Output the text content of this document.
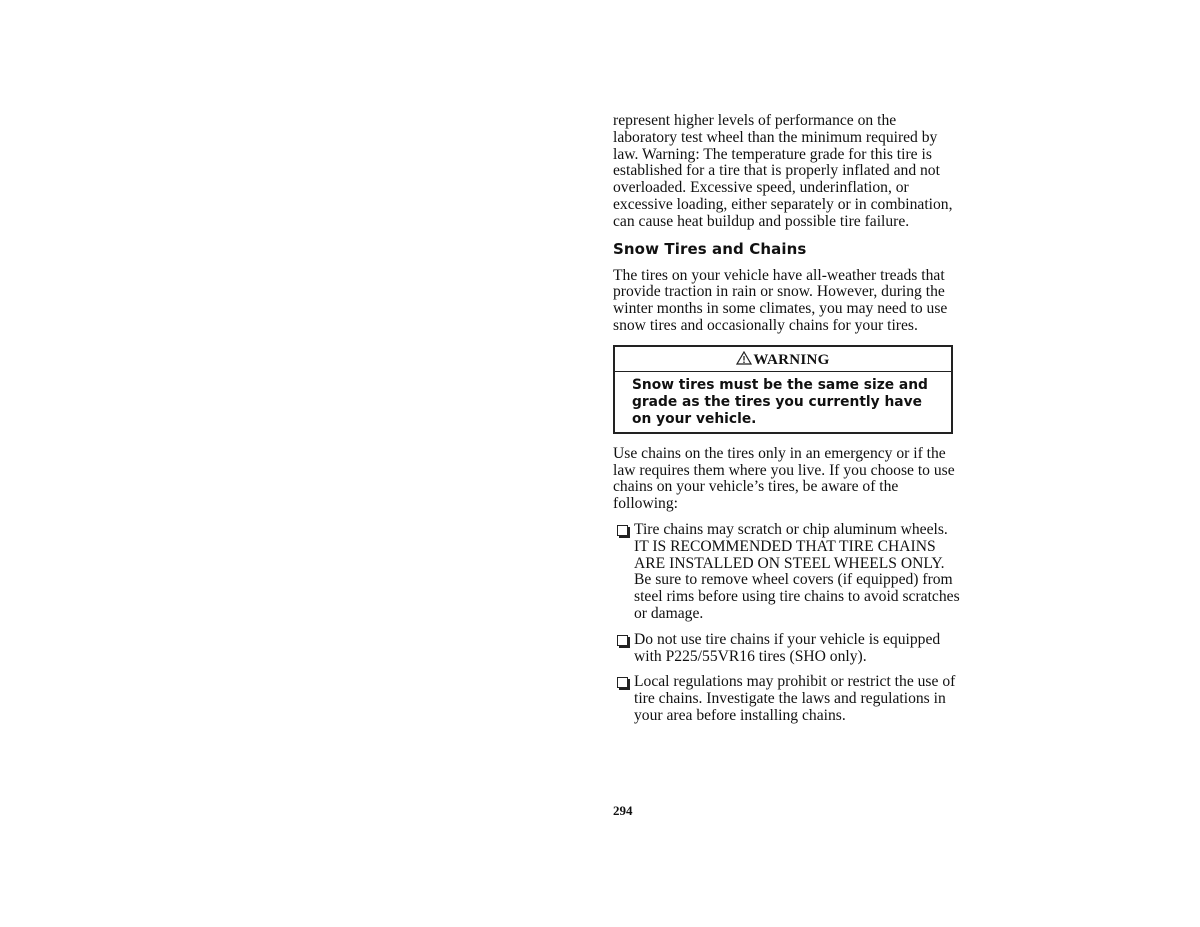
represent higher levels of performance on the laboratory test wheel than the minimum required by law. Warning: The temperature grade for this tire is established for a tire that is properly inflated and not overloaded. Excessive speed, underinflation, or excessive loading, either separately or in combination, can cause heat buildup and possible tire failure.

Snow Tires and Chains

The tires on your vehicle have all-weather treads that provide traction in rain or snow. However, during the winter months in some climates, you may need to use snow tires and occasionally chains for your tires.

WARNING
Snow tires must be the same size and grade as the tires you currently have on your vehicle.

Use chains on the tires only in an emergency or if the law requires them where you live. If you choose to use chains on your vehicle’s tires, be aware of the following:

Tire chains may scratch or chip aluminum wheels. IT IS RECOMMENDED THAT TIRE CHAINS ARE INSTALLED ON STEEL WHEELS ONLY. Be sure to remove wheel covers (if equipped) from steel rims before using tire chains to avoid scratches or damage.
Do not use tire chains if your vehicle is equipped with P225/55VR16 tires (SHO only).
Local regulations may prohibit or restrict the use of tire chains. Investigate the laws and regulations in your area before installing chains.
294
